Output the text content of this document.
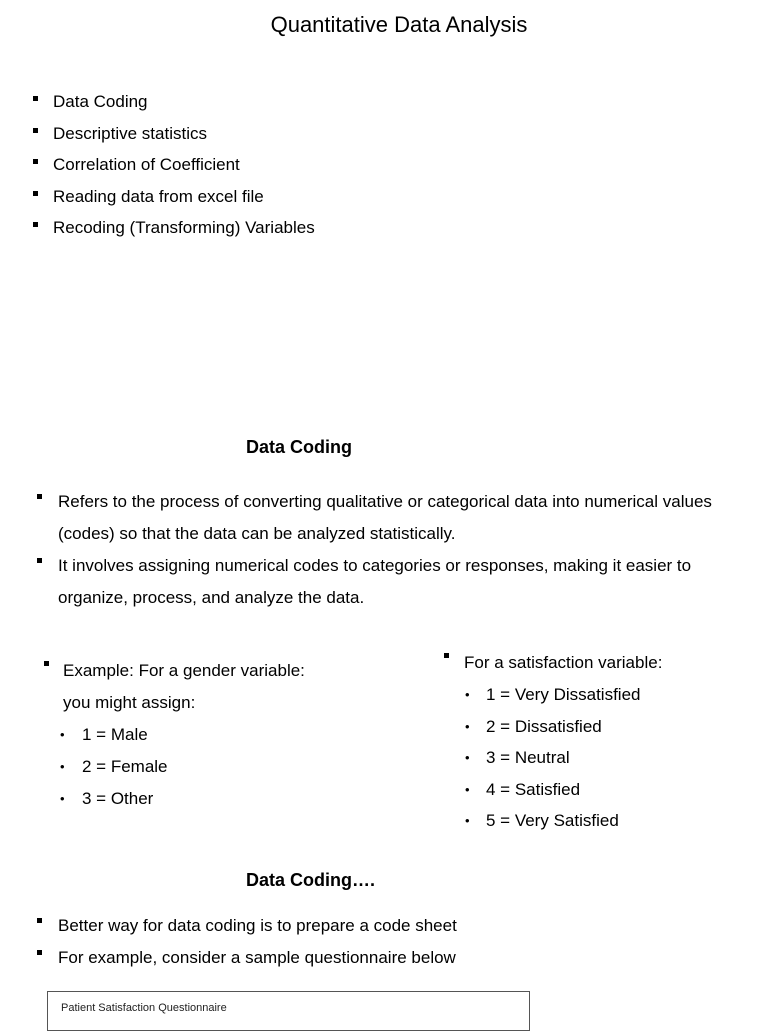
Quantitative Data Analysis
Data Coding
Descriptive statistics
Correlation of Coefficient
Reading data from excel file
Recoding (Transforming) Variables
Data Coding
Refers to the process of converting qualitative or categorical data into numerical values (codes) so that the data can be analyzed statistically.
It involves assigning numerical codes to categories or responses, making it easier to organize, process, and analyze the data.
Example: For a gender variable:
you might assign:
• 1 = Male
• 2 = Female
• 3 = Other
For a satisfaction variable:
• 1 = Very Dissatisfied
• 2 = Dissatisfied
• 3 = Neutral
• 4 = Satisfied
• 5 = Very Satisfied
Data Coding….
Better way for data coding is to prepare a code sheet
For example, consider a sample questionnaire below
Patient Satisfaction Questionnaire
